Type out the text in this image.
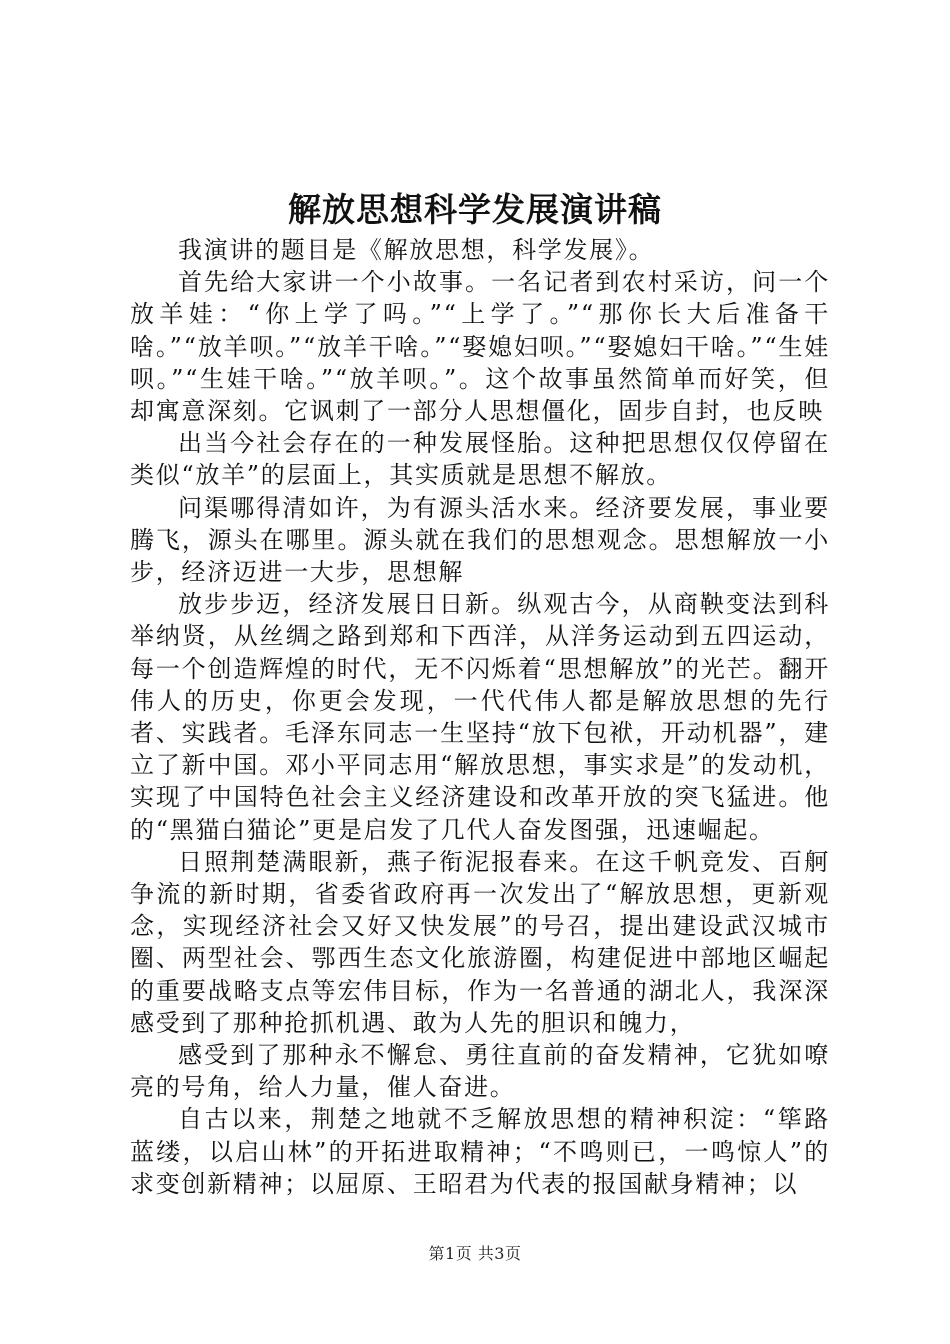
解放思想科学发展演讲稿

我演讲的题目是《解放思想，科学发展》。

首先给大家讲一个小故事。一名记者到农村采访，问一个放羊娃：“你上学了吗。”“上学了。”“那你长大后准备干啥。”“放羊呗。”“放羊干啥。”“娶媳妇呗。”“娶媳妇干啥。”“生娃呗。”“生娃干啥。”“放羊呗。”。这个故事虽然简单而好笑，但却寓意深刻。它讽刺了一部分人思想僵化，固步自封，也反映

出当今社会存在的一种发展怪胎。这种把思想仅仅停留在类似“放羊”的层面上，其实质就是思想不解放。

问渠哪得清如许，为有源头活水来。经济要发展，事业要腾飞，源头在哪里。源头就在我们的思想观念。思想解放一小步，经济迈进一大步，思想解

放步步迈，经济发展日日新。纵观古今，从商鞅变法到科举纳贤，从丝绸之路到郑和下西洋，从洋务运动到五四运动，每一个创造辉煌的时代，无不闪烁着“思想解放”的光芒。翻开伟人的历史，你更会发现，一代代伟人都是解放思想的先行者、实践者。毛泽东同志一生坚持“放下包袱，开动机器”，建立了新中国。邓小平同志用“解放思想，事实求是”的发动机，实现了中国特色社会主义经济建设和改革开放的突飞猛进。他的“黑猫白猫论”更是启发了几代人奋发图强，迅速崛起。

日照荆楚满眼新，燕子衔泥报春来。在这千帆竞发、百舸争流的新时期，省委省政府再一次发出了“解放思想，更新观念，实现经济社会又好又快发展”的号召，提出建设武汉城市圈、两型社会、鄂西生态文化旅游圈，构建促进中部地区崛起的重要战略支点等宏伟目标，作为一名普通的湖北人，我深深感受到了那种抢抓机遇、敢为人先的胆识和魄力，

感受到了那种永不懈怠、勇往直前的奋发精神，它犹如嘹亮的号角，给人力量，催人奋进。

自古以来，荆楚之地就不乏解放思想的精神积淀：“筚路蓝缕，以启山林”的开拓进取精神；“不鸣则已，一鸣惊人”的求变创新精神；以屈原、王昭君为代表的报国献身精神；以

第1页 共3页
